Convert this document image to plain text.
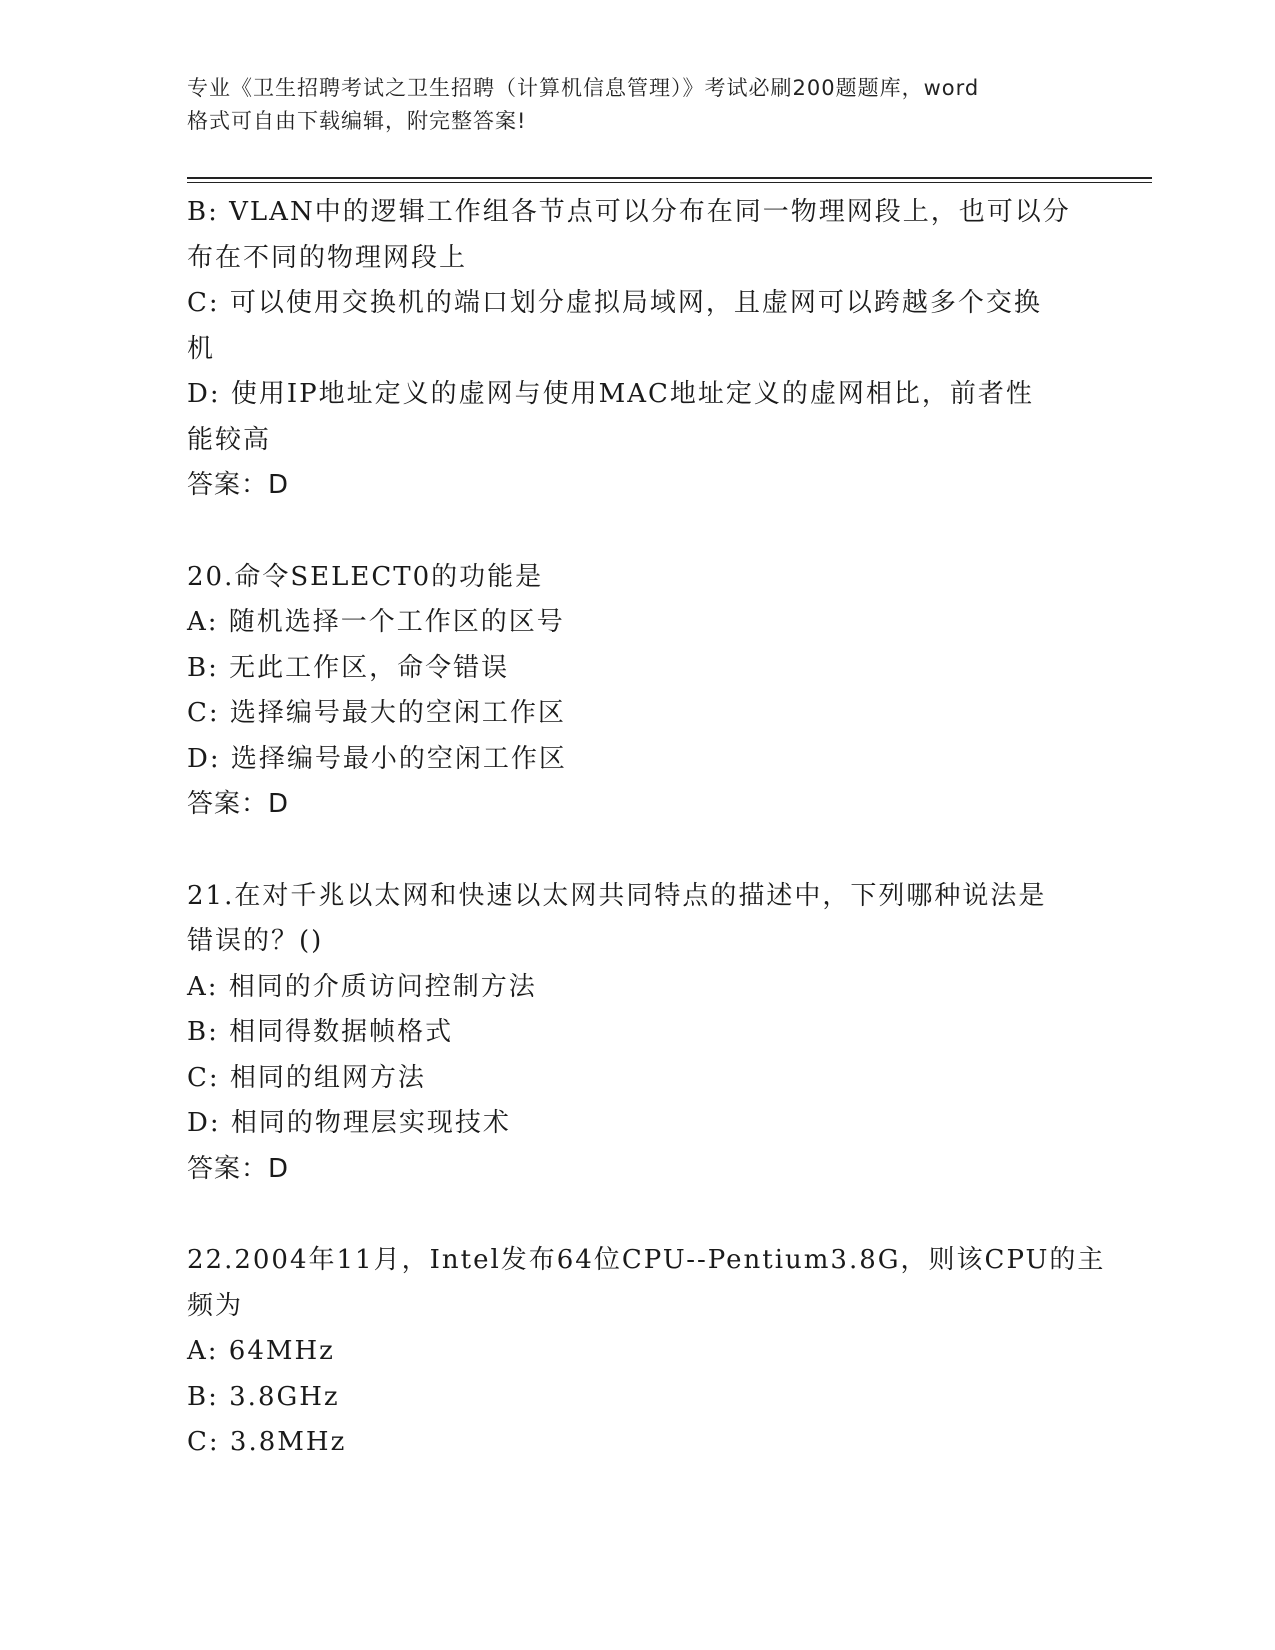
专业《卫生招聘考试之卫生招聘（计算机信息管理）》考试必刷200题题库，word
格式可自由下载编辑，附完整答案!
B: VLAN中的逻辑工作组各节点可以分布在同一物理网段上，也可以分
布在不同的物理网段上
C: 可以使用交换机的端口划分虚拟局域网，且虚网可以跨越多个交换
机
D: 使用IP地址定义的虚网与使用MAC地址定义的虚网相比，前者性
能较高
答案：D
20.命令SELECT0的功能是
A: 随机选择一个工作区的区号
B: 无此工作区，命令错误
C: 选择编号最大的空闲工作区
D: 选择编号最小的空闲工作区
答案：D
21.在对千兆以太网和快速以太网共同特点的描述中，下列哪种说法是
错误的？()
A: 相同的介质访问控制方法
B: 相同得数据帧格式
C: 相同的组网方法
D: 相同的物理层实现技术
答案：D
22.2004年11月，Intel发布64位CPU--Pentium3.8G，则该CPU的主
频为
A: 64MHz
B: 3.8GHz
C: 3.8MHz
